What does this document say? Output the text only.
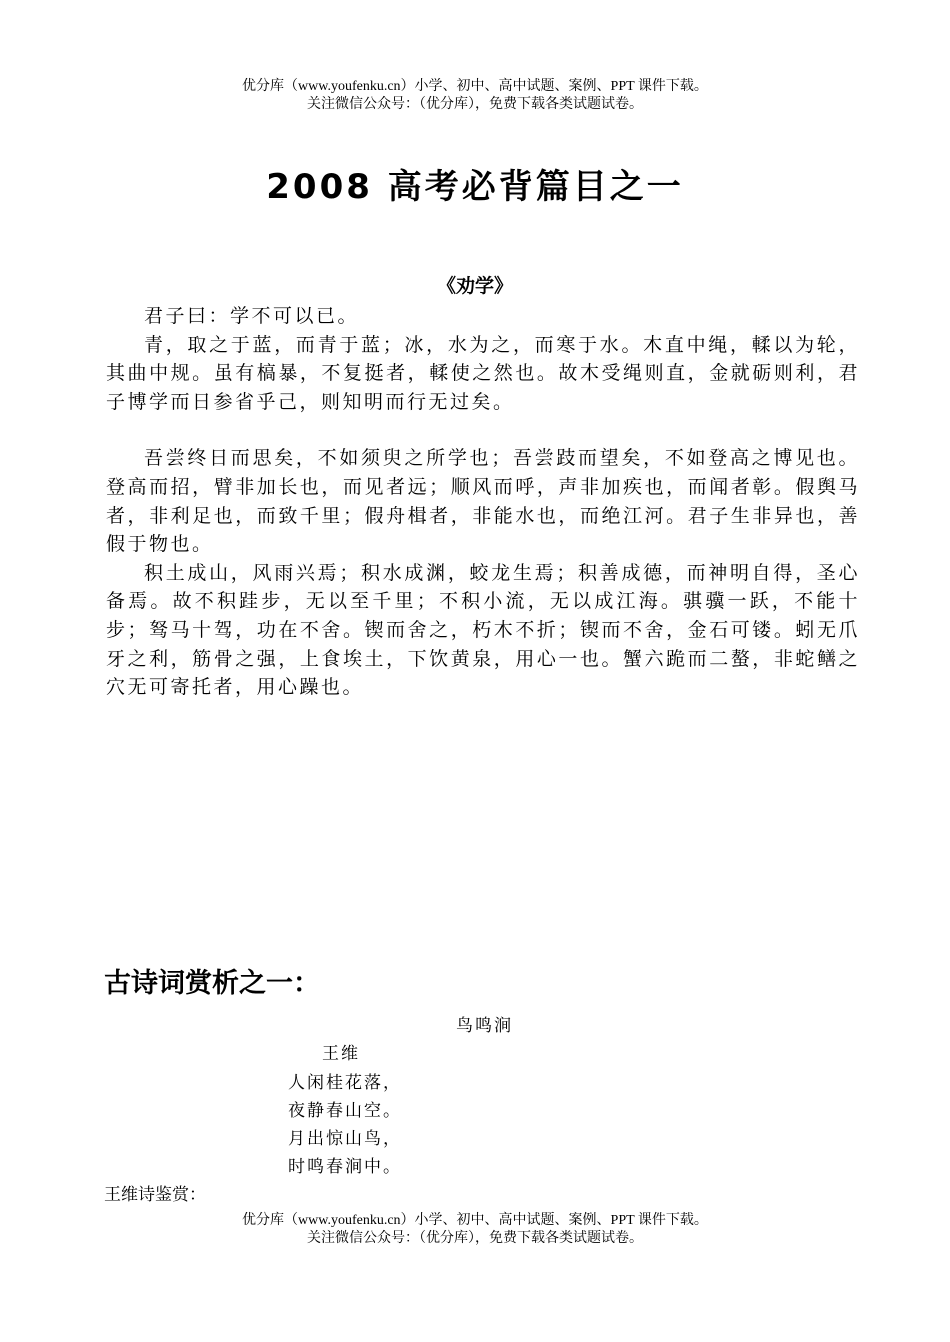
优分库（www.youfenku.cn）小学、初中、高中试题、案例、PPT 课件下载。
关注微信公众号：（优分库），免费下载各类试题试卷。
2008 高考必背篇目之一
《劝学》

君子曰：学不可以已。

青，取之于蓝，而青于蓝；冰，水为之，而寒于水。木直中绳，輮以为轮，其曲中规。虽有槁暴，不复挺者，輮使之然也。故木受绳则直，金就砺则利，君子博学而日参省乎己，则知明而行无过矣。

吾尝终日而思矣，不如须臾之所学也；吾尝跂而望矣，不如登高之博见也。登高而招，臂非加长也，而见者远；顺风而呼，声非加疾也，而闻者彰。假舆马者，非利足也，而致千里；假舟楫者，非能水也，而绝江河。君子生非异也，善假于物也。

积土成山，风雨兴焉；积水成渊，蛟龙生焉；积善成德，而神明自得，圣心备焉。故不积跬步，无以至千里；不积小流，无以成江海。骐骥一跃，不能十步；驽马十驾，功在不舍。锲而舍之，朽木不折；锲而不舍，金石可镂。蚓无爪牙之利，筋骨之强，上食埃土，下饮黄泉，用心一也。蟹六跪而二螯，非蛇鳝之穴无可寄托者，用心躁也。

古诗词赏析之一：
鸟鸣涧
王维
人闲桂花落，
夜静春山空。
月出惊山鸟，
时鸣春涧中。
王维诗鉴赏：
优分库（www.youfenku.cn）小学、初中、高中试题、案例、PPT 课件下载。
关注微信公众号：（优分库），免费下载各类试题试卷。
